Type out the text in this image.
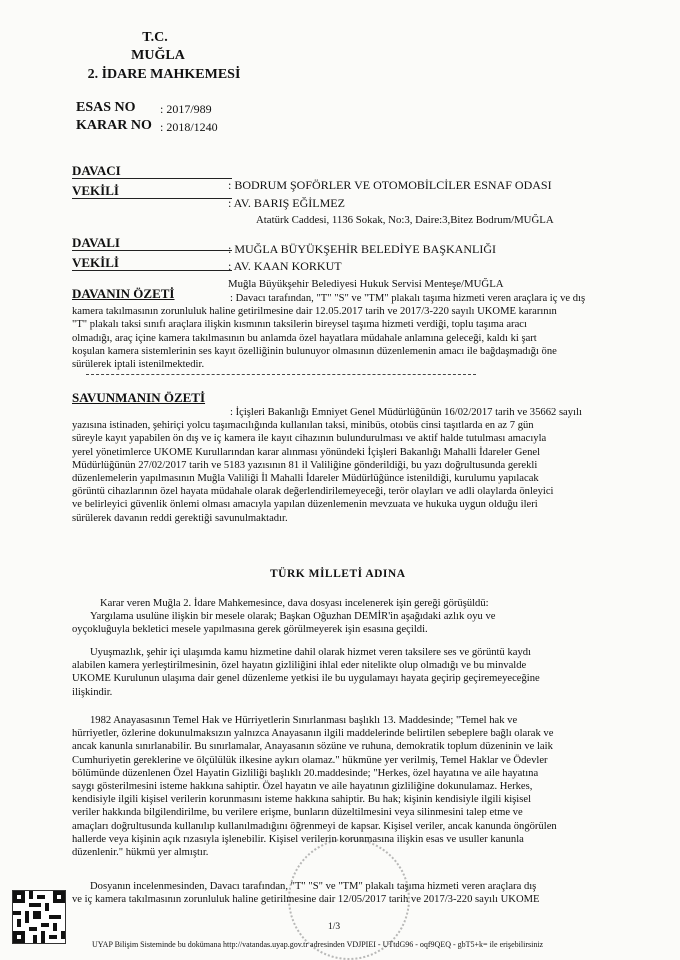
T.C.
MUĞLA
2. İDARE MAHKEMESİ
ESAS NO : 2017/989
KARAR NO : 2018/1240
DAVACI
: BODRUM ŞOFÖRLER VE OTOMOBİLCİLER ESNAF ODASI
VEKİLİ
: AV. BARIŞ EĞİLMEZ
Atatürk Caddesi, 1136 Sokak, No:3, Daire:3,Bitez Bodrum/MUĞLA
DAVALI	: MUĞLA BÜYÜKŞEHİR BELEDİYE BAŞKANLIĞI
VEKİLİ	: AV. KAAN KORKUT
Muğla Büyükşehir Belediyesi Hukuk Servisi Menteşe/MUĞLA
DAVANIN ÖZETİ	: Davacı tarafından, "T" "S" ve "TM" plakalı taşıma hizmeti veren araçlara iç ve dış
kamera takılmasının zorunluluk haline getirilmesine dair 12.05.2017 tarih ve 2017/3-220 sayılı UKOME kararının
"T" plakalı taksi sınıfı araçlara ilişkin kısmının taksilerin bireysel taşıma hizmeti verdiği, toplu taşıma aracı
olmadığı, araç içine kamera takılmasının bu anlamda özel hayatlara müdahale anlamına geleceği, kaldı ki şart
koşulan kamera sistemlerinin ses kayıt özelliğinin bulunuyor olmasının düzenlemenin amacı ile bağdaşmadığı öne
sürülerek iptali istenilmektedir.
SAVUNMANIN ÖZETİ
: İçişleri Bakanlığı Emniyet Genel Müdürlüğünün 16/02/2017 tarih ve 35662 sayılı
yazısına istinaden, şehiriçi yolcu taşımacılığında kullanılan taksi, minibüs, otobüs cinsi taşıtlarda en az 7 gün
süreyle kayıt yapabilen ön dış ve iç kamera ile kayıt cihazının bulundurulması ve aktif halde tutulması amacıyla
yerel yönetimlerce UKOME Kurullarından karar alınması yönündeki İçişleri Bakanlığı Mahalli İdareler Genel
Müdürlüğünün 27/02/2017 tarih ve 5183 yazısının 81 il Valiliğine gönderildiği, bu yazı doğrultusunda gerekli
düzenlemelerin yapılmasının Muğla Valiliği İl Mahalli İdareler Müdürlüğünce istenildiği, kurulumu yapılacak
görüntü cihazlarının özel hayata müdahale olarak değerlendirilemeyeceği, terör olayları ve adli olaylarda önleyici
ve belirleyici güvenlik önlemi olması amacıyla yapılan düzenlemenin mevzuata ve hukuka uygun olduğu ileri
sürülerek davanın reddi gerektiği savunulmaktadır.
TÜRK MİLLETİ ADINA
Karar veren Muğla 2. İdare Mahkemesince, dava dosyası incelenerek işin gereği görüşüldü:
Yargılama usulüne ilişkin bir mesele olarak; Başkan Oğuzhan DEMİR'in aşağıdaki azlık oyu ve
oyçokluğuyla bekletici mesele yapılmasına gerek görülmeyerek işin esasına geçildi.
Uyuşmazlık, şehir içi ulaşımda kamu hizmetine dahil olarak hizmet veren taksilere ses ve görüntü kaydı
alabilen kamera yerleştirilmesinin, özel hayatın gizliliğini ihlal eder nitelikte olup olmadığı ve bu minvalde
UKOME Kurulunun ulaşıma dair genel düzenleme yetkisi ile bu uygulamayı hayata geçirip geçiremeyeceğine
ilişkindir.
1982 Anayasasının Temel Hak ve Hürriyetlerin Sınırlanması başlıklı 13. Maddesinde; "Temel hak ve
hürriyetler, özlerine dokunulmaksızın yalnızca Anayasanın ilgili maddelerinde belirtilen sebeplere bağlı olarak ve
ancak kanunla sınırlanabilir. Bu sınırlamalar, Anayasanın sözüne ve ruhuna, demokratik toplum düzeninin ve laik
Cumhuriyetin gereklerine ve ölçülülük ilkesine aykırı olamaz." hükmüne yer verilmiş, Temel Haklar ve Ödevler
bölümünde düzenlenen Özel Hayatin Gizliliği başlıklı 20.maddesinde; "Herkes, özel hayatına ve aile hayatına
saygı gösterilmesini isteme hakkına sahiptir. Özel hayatın ve aile hayatının gizliliğine dokunulamaz. Herkes,
kendisiyle ilgili kişisel verilerin korunmasını isteme hakkına sahiptir. Bu hak; kişinin kendisiyle ilgili kişisel
veriler hakkında bilgilendirilme, bu verilere erişme, bunların düzeltilmesini veya silinmesini talep etme ve
amaçları doğrultusunda kullanılıp kullanılmadığını öğrenmeyi de kapsar. Kişisel veriler, ancak kanunda öngörülen
hallerde veya kişinin açık rızasıyla işlenebilir. Kişisel verilerin korunmasına ilişkin esas ve usuller kanunla
düzenlenir." hükmü yer almıştır.
Dosyanın incelenmesinden, Davacı tarafından, "T" "S" ve "TM" plakalı taşıma hizmeti veren araçlara dış
ve iç kamera takılmasının zorunluluk haline getirilmesine dair 12/05/2017 tarih ve 2017/3-220 sayılı UKOME
1/3
UYAP Bilişim Sisteminde bu dokümana http://vatandas.uyap.gov.tr adresinden VDJPIEI - UTtdG96 - oqf9QEQ - gbT5+k= ile erişebilirsiniz
